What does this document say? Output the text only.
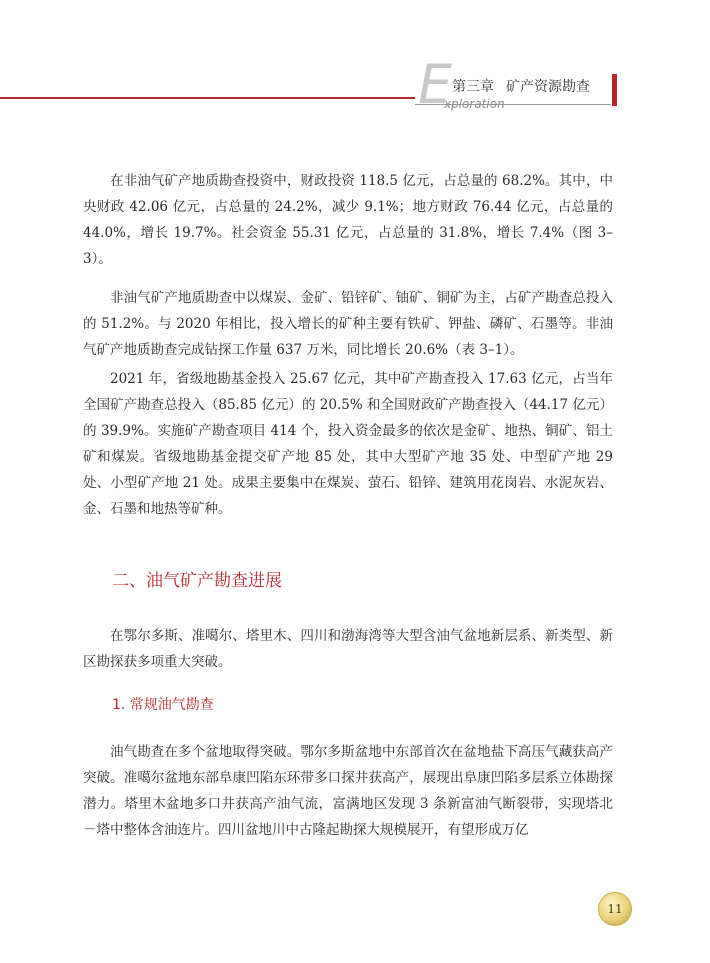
E
xploration
第三章 矿产资源勘查

在非油气矿产地质勘查投资中，财政投资 118.5 亿元，占总量的 68.2%。其中，中央财政 42.06 亿元，占总量的 24.2%，减少 9.1%；地方财政 76.44 亿元，占总量的 44.0%，增长 19.7%。社会资金 55.31 亿元，占总量的 31.8%，增长 7.4%（图 3–3）。

非油气矿产地质勘查中以煤炭、金矿、铅锌矿、铀矿、铜矿为主，占矿产勘查总投入的 51.2%。与 2020 年相比，投入增长的矿种主要有铁矿、钾盐、磷矿、石墨等。非油气矿产地质勘查完成钻探工作量 637 万米，同比增长 20.6%（表 3–1）。

2021 年，省级地勘基金投入 25.67 亿元，其中矿产勘查投入 17.63 亿元，占当年全国矿产勘查总投入（85.85 亿元）的 20.5% 和全国财政矿产勘查投入（44.17 亿元）的 39.9%。实施矿产勘查项目 414 个，投入资金最多的依次是金矿、地热、铜矿、铝土矿和煤炭。省级地勘基金提交矿产地 85 处，其中大型矿产地 35 处、中型矿产地 29 处、小型矿产地 21 处。成果主要集中在煤炭、萤石、铅锌、建筑用花岗岩、水泥灰岩、金、石墨和地热等矿种。

二、油气矿产勘查进展

在鄂尔多斯、准噶尔、塔里木、四川和渤海湾等大型含油气盆地新层系、新类型、新区勘探获多项重大突破。

1. 常规油气勘查

油气勘查在多个盆地取得突破。鄂尔多斯盆地中东部首次在盆地盐下高压气藏获高产突破。准噶尔盆地东部阜康凹陷东环带多口探井获高产，展现出阜康凹陷多层系立体勘探潜力。塔里木盆地多口井获高产油气流，富满地区发现 3 条新富油气断裂带，实现塔北－塔中整体含油连片。四川盆地川中古隆起勘探大规模展开，有望形成万亿

11
